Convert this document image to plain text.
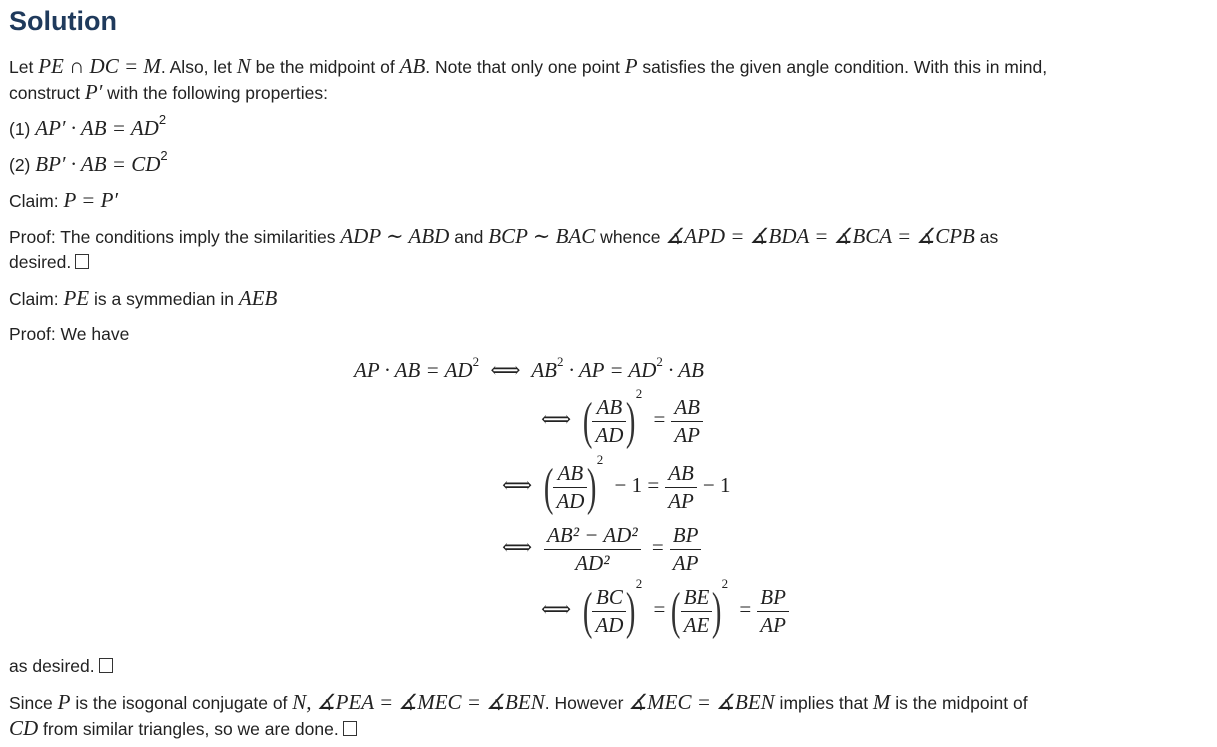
Solution
Let PE ∩ DC = M. Also, let N be the midpoint of AB. Note that only one point P satisfies the given angle condition. With this in mind,
construct P′ with the following properties:
(1) AP′ · AB = $AD^2$
(2) BP′ · AB = $CD^2$
Claim: P = P′
Proof: The conditions imply the similarities ADP ∼ ABD and BCP ∼ BAC whence ∡APD = ∡BDA = ∡BCA = ∡CPB as
desired.
Claim: PE is a symmedian in AEB
Proof: We have
AP · AB = $AD^2$ ⟺ $AB^2$ · AP = $AD^2$ · AB
⟺ ( $\frac{AB}{AD} )^2 = \frac{AB}{AP}$
⟺ ( $\frac{AB}{AD} )^2 - 1 = \frac{AB}{AP} - 1$
⟺ $\frac{\text{AB² − AD²}}{\text{AD²}} = \frac{BP}{AP}$
⟺ ( $\frac{BC}{AD} )^2$ = ( $\frac{BE}{AE} )^2 = \frac{BP}{AP}$
as desired.
Since P is the isogonal conjugate of N, ∡PEA = ∡MEC = ∡BEN. However ∡MEC = ∡BEN implies that M is the midpoint of
CD from similar triangles, so we are done.
